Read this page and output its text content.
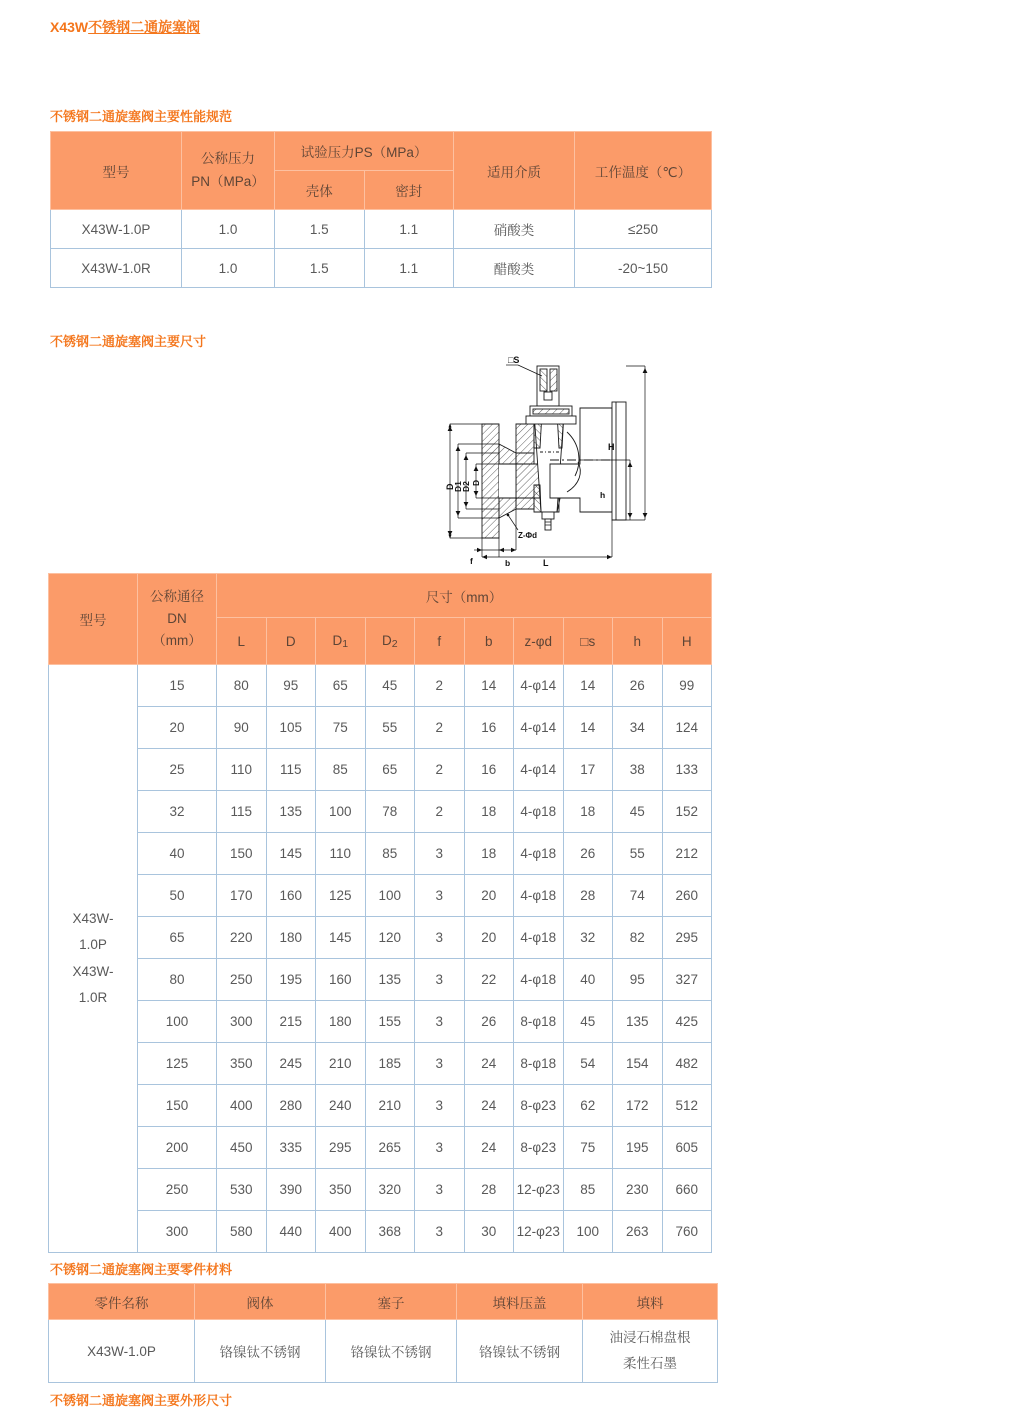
X43W不锈钢二通旋塞阀
不锈钢二通旋塞阀主要性能规范
型号	公称压力
PN（MPa）	试验压力PS（MPa）		适用介质	工作温度（℃）
		壳体	密封		
X43W-1.0P	1.0	1.5	1.1	硝酸类	≤250
X43W-1.0R	1.0	1.5	1.1	醋酸类	-20~150
不锈钢二通旋塞阀主要尺寸
□S
H
h
L
b
f
Z-Φd
D
D1
D2 D
型号	公称通径
DN
（mm）	尺寸（mm）									
		L	D	$D_1$	$D_2$	f	b	z-φd	□s	h	H

X43W-
1.0P
X43W-
1.0R	15	80	95	65	45	2	14	4-φ14	14	26	99
	20	90	105	75	55	2	16	4-φ14	14	34	124
	25	110	115	85	65	2	16	4-φ14	17	38	133
	32	115	135	100	78	2	18	4-φ18	18	45	152
	40	150	145	110	85	3	18	4-φ18	26	55	212
	50	170	160	125	100	3	20	4-φ18	28	74	260
	65	220	180	145	120	3	20	4-φ18	32	82	295
	80	250	195	160	135	3	22	4-φ18	40	95	327
	100	300	215	180	155	3	26	8-φ18	45	135	425
	125	350	245	210	185	3	24	8-φ18	54	154	482
	150	400	280	240	210	3	24	8-φ23	62	172	512
	200	450	335	295	265	3	24	8-φ23	75	195	605
	250	530	390	350	320	3	28	12-φ23	85	230	660
	300	580	440	400	368	3	30	12-φ23	100	263	760
不锈钢二通旋塞阀主要零件材料
零件名称	阀体	塞子	填料压盖	填料
X43W-1.0P	铬镍钛不锈钢	铬镍钛不锈钢	铬镍钛不锈钢	油浸石棉盘根
柔性石墨
不锈钢二通旋塞阀主要外形尺寸
